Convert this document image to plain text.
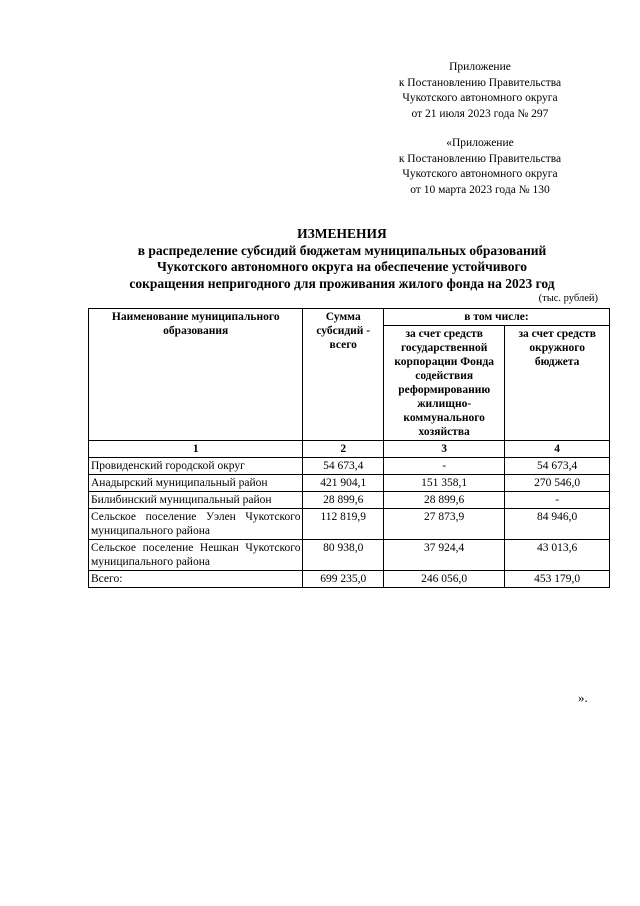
Приложение
к Постановлению Правительства
Чукотского автономного округа
от 21 июля 2023 года № 297
«Приложение
к Постановлению Правительства
Чукотского автономного округа
от 10 марта 2023 года № 130
ИЗМЕНЕНИЯ
в распределение субсидий бюджетам муниципальных образований
Чукотского автономного округа на обеспечение устойчивого
сокращения непригодного для проживания жилого фонда на 2023 год
(тыс. рублей)
Наименование муниципального образования	Сумма субсидий - всего	в том числе:	
		за счет средств государственной корпорации Фонда содействия реформированию жилищно-коммунального хозяйства	за счет средств окружного бюджета
1	2	3	4
Провиденский городской округ	54 673,4	-	54 673,4
Анадырский муниципальный район	421 904,1	151 358,1	270 546,0
Билибинский муниципальный район	28 899,6	28 899,6	-
Сельское поселение Уэлен Чукотского муниципального района	112 819,9	27 873,9	84 946,0
Сельское поселение Нешкан Чукотского муниципального района	80 938,0	37 924,4	43 013,6
Всего:	699 235,0	246 056,0	453 179,0
».
